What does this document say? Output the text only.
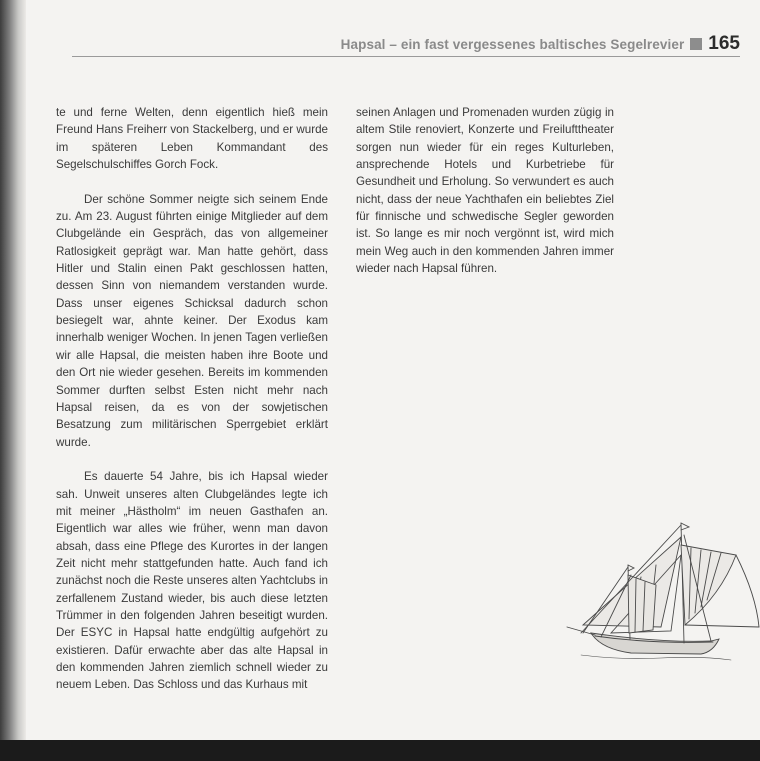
Hapsal – ein fast vergessenes baltisches Segelrevier 165

te und ferne Welten, denn eigentlich hieß mein Freund Hans Freiherr von Stackelberg, und er wurde im späteren Leben Kommandant des Segelschulschiffes Gorch Fock.

Der schöne Sommer neigte sich seinem Ende zu. Am 23. August führten einige Mitglieder auf dem Clubgelände ein Gespräch, das von allgemeiner Ratlosigkeit geprägt war. Man hatte gehört, dass Hitler und Stalin einen Pakt geschlossen hatten, dessen Sinn von niemandem verstanden wurde. Dass unser eigenes Schicksal dadurch schon besiegelt war, ahnte keiner. Der Exodus kam innerhalb weniger Wochen. In jenen Tagen verließen wir alle Hapsal, die meisten haben ihre Boote und den Ort nie wieder gesehen. Bereits im kommenden Sommer durften selbst Esten nicht mehr nach Hapsal reisen, da es von der sowjetischen Besatzung zum militärischen Sperrgebiet erklärt wurde.

Es dauerte 54 Jahre, bis ich Hapsal wieder sah. Unweit unseres alten Clubgeländes legte ich mit meiner „Hästholm“ im neuen Gasthafen an. Eigentlich war alles wie früher, wenn man davon absah, dass eine Pflege des Kurortes in der langen Zeit nicht mehr stattgefunden hatte. Auch fand ich zunächst noch die Reste unseres alten Yachtclubs in zerfallenem Zustand wieder, bis auch diese letzten Trümmer in den folgenden Jahren beseitigt wurden. Der ESYC in Hapsal hatte endgültig aufgehört zu existieren. Dafür erwachte aber das alte Hapsal in den kommenden Jahren ziemlich schnell wieder zu neuem Leben. Das Schloss und das Kurhaus mit

seinen Anlagen und Promenaden wurden zügig in altem Stile renoviert, Konzerte und Freilufttheater sorgen nun wieder für ein reges Kulturleben, ansprechende Hotels und Kurbetriebe für Gesundheit und Erholung. So verwundert es auch nicht, dass der neue Yachthafen ein beliebtes Ziel für finnische und schwedische Segler geworden ist. So lange es mir noch vergönnt ist, wird mich mein Weg auch in den kommenden Jahren immer wieder nach Hapsal führen.
